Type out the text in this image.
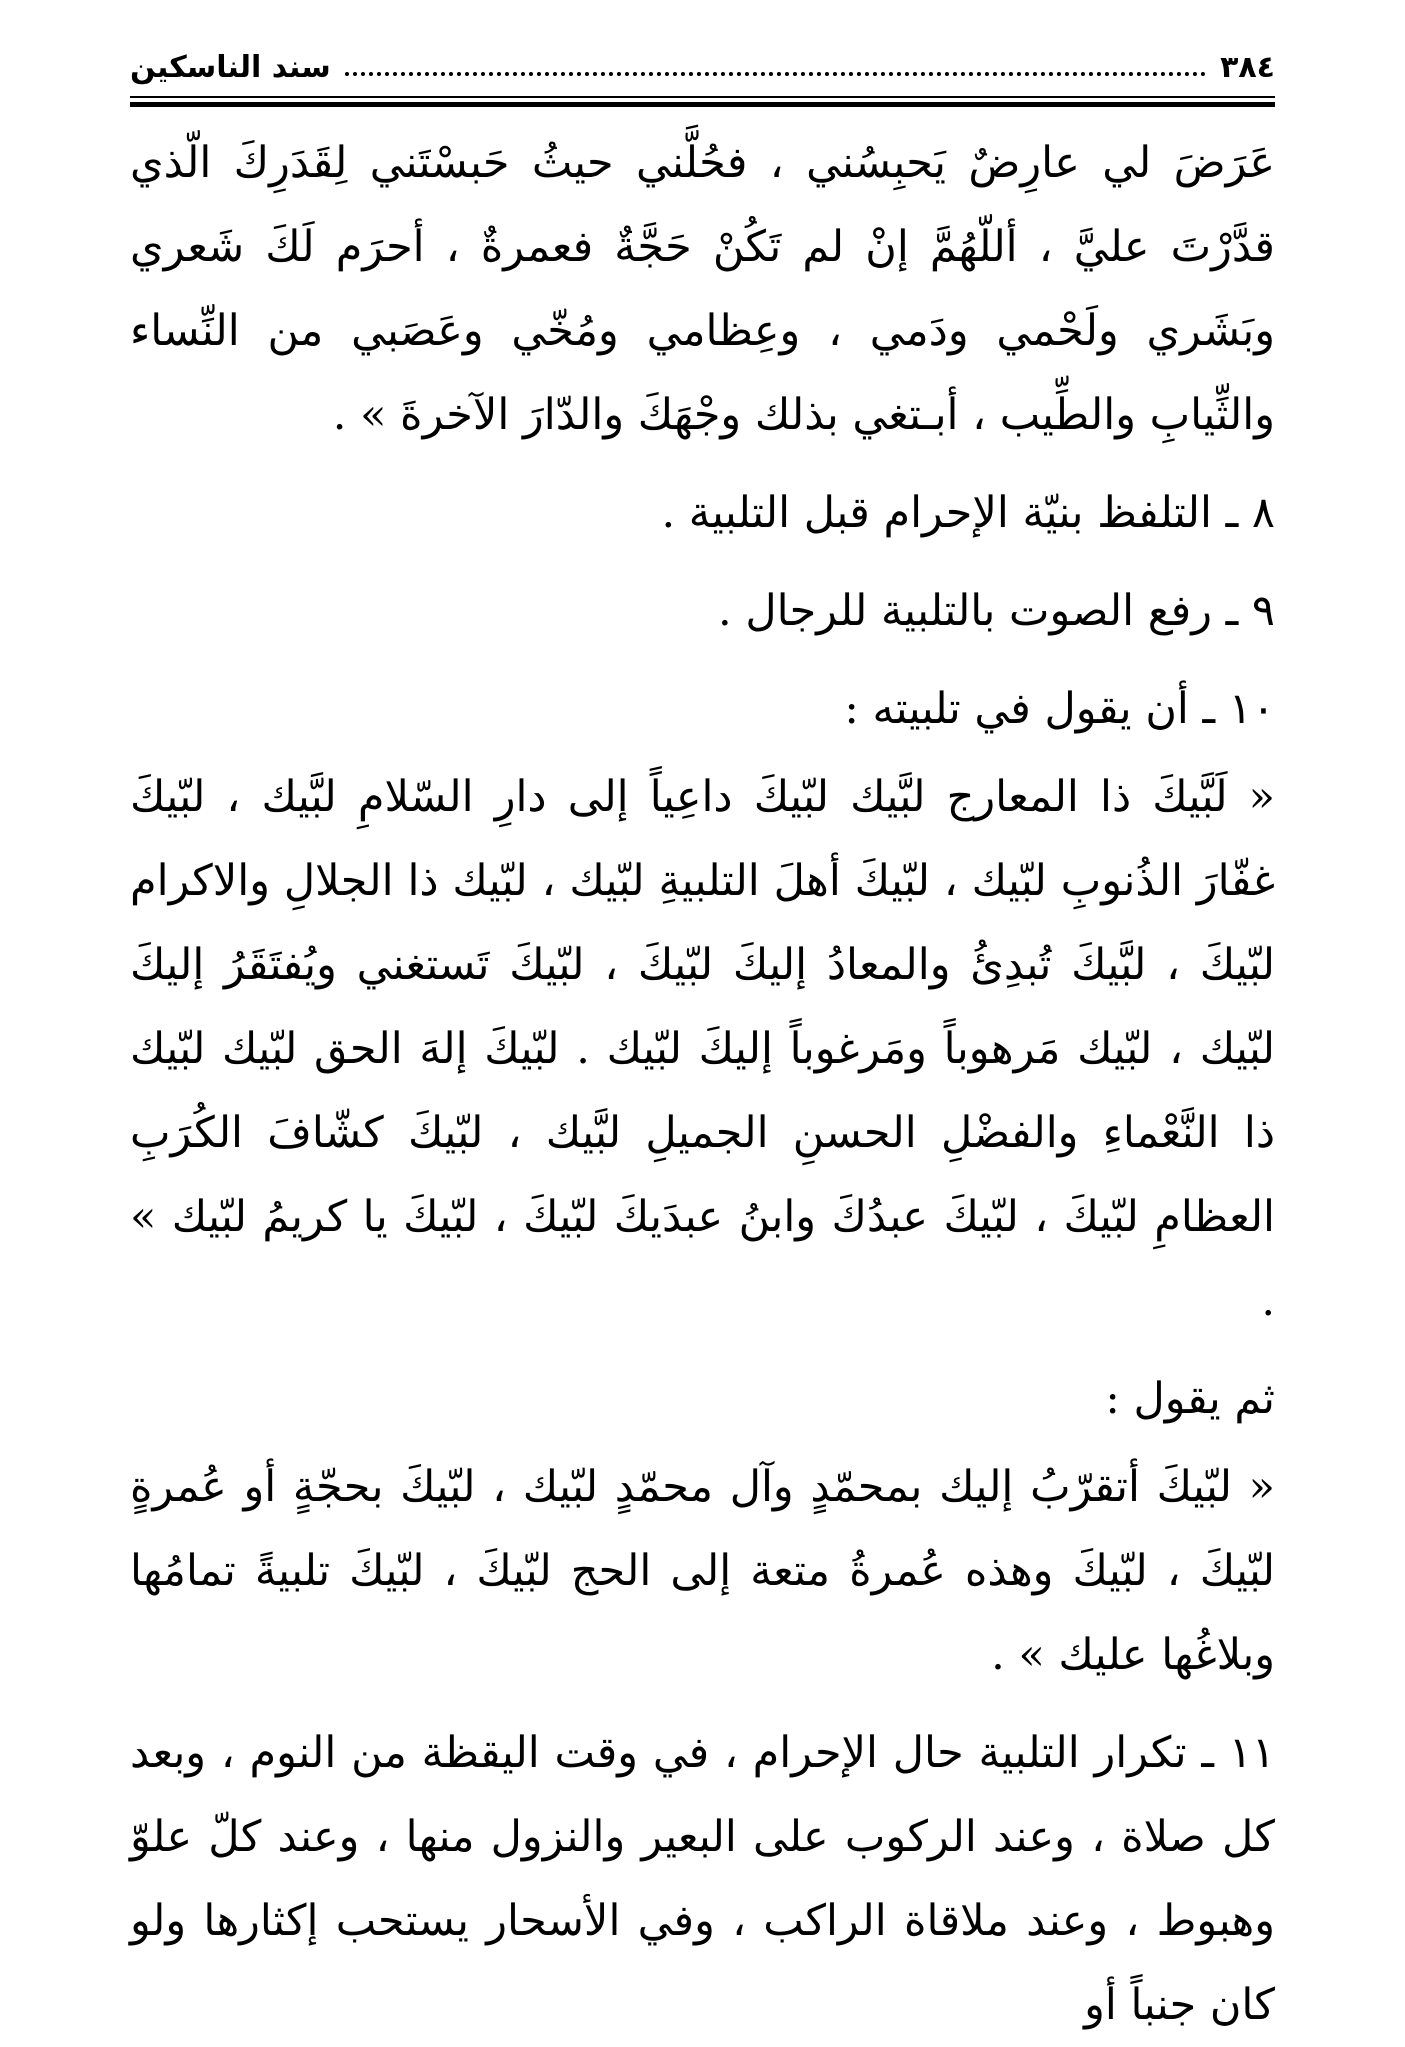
٣٨٤
سند الناسكين

عَرَضَ لي عارِضٌ يَحبِسُني ، فحُلَّني حيثُ حَبسْتَني لِقَدَرِكَ الّذي قدَّرْتَ عليَّ ، أللّهُمَّ إنْ لم تَكُنْ حَجَّةٌ فعمرةٌ ، أحرَم لَكَ شَعري وبَشَري ولَحْمي ودَمي ، وعِظامي ومُخّي وعَصَبي من النِّساء والثِّيابِ والطِّيب ، أبـتغي بذلك وجْهَكَ والدّارَ الآخرةَ » .

٨ ـ التلفظ بنيّة الإحرام قبل التلبية .

٩ ـ رفع الصوت بالتلبية للرجال .

١٠ ـ أن يقول في تلبيته :

« لَبَّيكَ ذا المعارج لبَّيك لبّيكَ داعِياً إلى دارِ السّلامِ لبَّيك ، لبّيكَ غفّارَ الذُنوبِ لبّيك ، لبّيكَ أهلَ التلبيةِ لبّيك ، لبّيك ذا الجلالِ والاكرام لبّيكَ ، لبَّيكَ تُبدِئُ والمعادُ إليكَ لبّيكَ ، لبّيكَ تَستغني ويُفتَقَرُ إليكَ لبّيك ، لبّيك مَرهوباً ومَرغوباً إليكَ لبّيك . لبّيكَ إلهَ الحق لبّيك لبّيك ذا النَّعْماءِ والفضْلِ الحسنِ الجميلِ لبَّيك ، لبّيكَ كشّافَ الكُرَبِ العظامِ لبّيكَ ، لبّيكَ عبدُكَ وابنُ عبدَيكَ لبّيكَ ، لبّيكَ يا كريمُ لبّيك » .

ثم يقول :

« لبّيكَ أتقرّبُ إليك بمحمّدٍ وآل محمّدٍ لبّيك ، لبّيكَ بحجّةٍ أو عُمرةٍ لبّيكَ ، لبّيكَ وهذه عُمرةُ متعة إلى الحج لبّيكَ ، لبّيكَ تلبيةً تمامُها وبلاغُها عليك » .

١١ ـ تكرار التلبية حال الإحرام ، في وقت اليقظة من النوم ، وبعد كل صلاة ، وعند الركوب على البعير والنزول منها ، وعند كلّ علوّ وهبوط ، وعند ملاقاة الراكب ، وفي الأسحار يستحب إكثارها ولو كان جنباً أو
